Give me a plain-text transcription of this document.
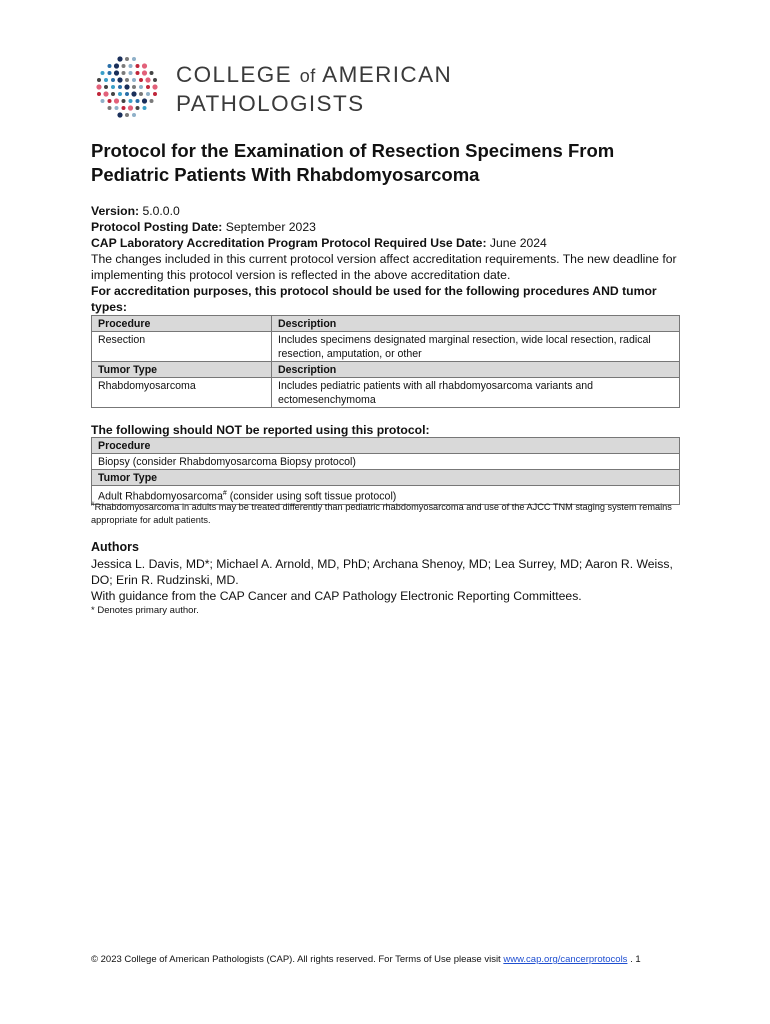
COLLEGE of AMERICAN
PATHOLOGISTS
Protocol for the Examination of Resection Specimens From Pediatric Patients With Rhabdomyosarcoma
Version: 5.0.0.0
Protocol Posting Date: September 2023
CAP Laboratory Accreditation Program Protocol Required Use Date: June 2024
The changes included in this current protocol version affect accreditation requirements. The new deadline for implementing this protocol version is reflected in the above accreditation date.
For accreditation purposes, this protocol should be used for the following procedures AND tumor types:
Procedure	Description
Resection	Includes specimens designated marginal resection, wide local resection, radical resection, amputation, or other
Tumor Type	Description
Rhabdomyosarcoma	Includes pediatric patients with all rhabdomyosarcoma variants and ectomesenchymoma
The following should NOT be reported using this protocol:
Procedure
Biopsy (consider Rhabdomyosarcoma Biopsy protocol)
Tumor Type
Adult Rhabdomyosarcoma# (consider using soft tissue protocol)
#Rhabdomyosarcoma in adults may be treated differently than pediatric rhabdomyosarcoma and use of the AJCC TNM staging system remains appropriate for adult patients.
Authors
Jessica L. Davis, MD*; Michael A. Arnold, MD, PhD; Archana Shenoy, MD; Lea Surrey, MD; Aaron R. Weiss, DO; Erin R. Rudzinski, MD.
With guidance from the CAP Cancer and CAP Pathology Electronic Reporting Committees.
* Denotes primary author.
© 2023 College of American Pathologists (CAP). All rights reserved. For Terms of Use please visit www.cap.org/cancerprotocols . 1
